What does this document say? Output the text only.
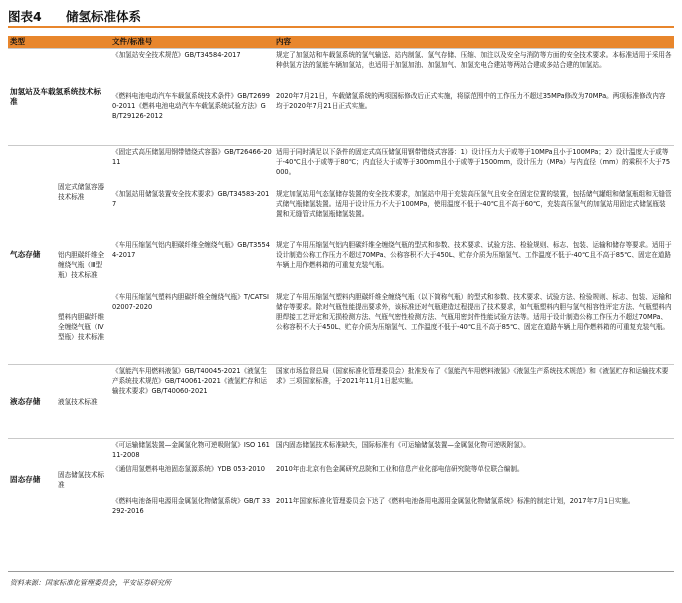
图表4 储氢标准体系
类型		文件/标准号	内容
加氢站及车载氢系统技术标准		《加氢站安全技术规范》GB/T34584-2017	规定了加氢站和车载氢系统的氢气输送、站内制氢、氢气存储、压缩、加注以及安全与消防等方面的安全技术要求。本标准适用于采用各种供氢方法的氢能车辆加氢站，也适用于加氢加油、加氢加气、加氢充电合建站等两站合建或多站合建的加氢站。
		《燃料电池电动汽车车载氢系统技术条件》GB/T26990-2011《燃料电池电动汽车车载氢系统试验方法》GB/T29126-2012	2020年7月21日，车载储氢系统的两项国标修改后正式实施，将原范围中的工作压力不超过35MPa修改为70MPa。两项标准修改内容均于2020年7月21日正式实施。
气态存储	固定式储氢容器技术标准	《固定式高压储氢用钢带错绕式容器》GB/T26466-2011	适用于同时满足以下条件的固定式高压储氢用钢带错绕式容器：1）设计压力大于或等于10MPa且小于100MPa；2）设计温度大于或等于-40℃且小于或等于80℃；内直径大于或等于300mm且小于或等于1500mm，设计压力（MPa）与内直径（mm）的乘积不大于75000。
		《加氢站用储氢装置安全技术要求》GB/T34583-2017	规定加氢站用气态氢储存装置的安全技术要求，加氢站中用于充装高压氢气且安全在固定位置的装置，包括储气罐组和储氢瓶组和无缝管式储气瓶储氢装置。适用于设计压力不大于100MPa，使用温度不低于-40℃且不高于60℃，充装高压氢气的加氢站用固定式储氢瓶装置和无缝管式储氢瓶储氢装置。
	铝内胆碳纤维全缠绕气瓶（Ⅲ型瓶）技术标准	《车用压缩氢气铝内胆碳纤维全缠绕气瓶》GB/T35544-2017	规定了车用压缩氢气铝内胆碳纤维全缠绕气瓶的型式和参数、技术要求、试验方法、检验规则、标志、包装、运输和储存等要求。适用于设计制造公称工作压力不超过70MPa、公称容积不大于450L、贮存介质为压缩氢气、工作温度不低于-40℃且不高于85℃、固定在道路车辆上用作燃料箱的可重复充装气瓶。
	塑料内胆碳纤维全缠绕气瓶（Ⅳ型瓶）技术标准	《车用压缩氢气塑料内胆碳纤维全缠绕气瓶》T/CATSI 02007-2020	规定了车用压缩氢气塑料内胆碳纤维全缠绕气瓶（以下简称气瓶）的型式和参数、技术要求、试验方法、检验规则、标志、包装、运输和储存等要求。除对气瓶性能提出要求外，该标准还对气瓶建造过程提出了技术要求，如气瓶塑料内胆与氢气相容性评定方法、气瓶塑料内胆焊接工艺评定和无损检测方法、气瓶气密性检测方法、气瓶用密封件性能试验方法等。适用于设计制造公称工作压力不超过70MPa、公称容积不大于450L、贮存介质为压缩氢气、工作温度不低于-40℃且不高于85℃、固定在道路车辆上用作燃料箱的可重复充装气瓶。
液态存储	液氢技术标准	《氢能汽车用燃料液氢》GB/T40045-2021《液氢生产系统技术规范》GB/T40061-2021《液氢贮存和运输技术要求》GB/T40060-2021	国家市场监督总局（国家标准化管理委员会）批准发布了《氢能汽车用燃料液氢》《液氢生产系统技术规范》和《液氢贮存和运输技术要求》三项国家标准，于2021年11月1日起实施。
固态存储	固态储氢技术标准	《可运输储氢装置—金属氢化物可逆吸附氢》ISO 16111-2008	国内固态储氢技术标准缺失，国际标准有《可运输储氢装置—金属氢化物可逆吸附氢》。
		《通信用氢燃料电池固态氢源系统》YDB 053-2010	2010年由北京有色金属研究总院和工业和信息产业化部电信研究院等单位联合编制。
		《燃料电池备用电源用金属氢化物储氢系统》GB/T 33292-2016	2011年国家标准化管理委员会下达了《燃料电池备用电源用金属氢化物储氢系统》标准的制定计划，2017年7月1日实施。
资料来源：国家标准化管理委员会，平安证券研究所
